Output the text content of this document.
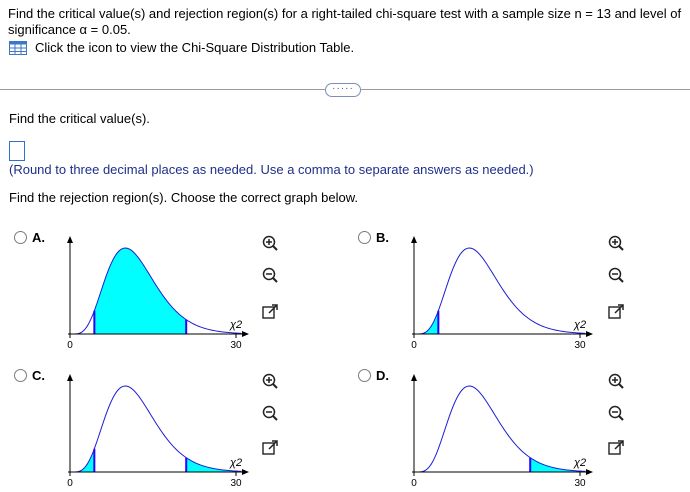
Find the critical value(s) and rejection region(s) for a right-tailed chi-square test with a sample size n = 13 and level of significance α = 0.05.
Click the icon to view the Chi-Square Distribution Table.
·····
Find the critical value(s).
(Round to three decimal places as needed. Use a comma to separate answers as needed.)
Find the rejection region(s). Choose the correct graph below.
A.
0	30
χ2
B.
0	30
χ2
C.
0	30
χ2
D.
0	30
χ2
